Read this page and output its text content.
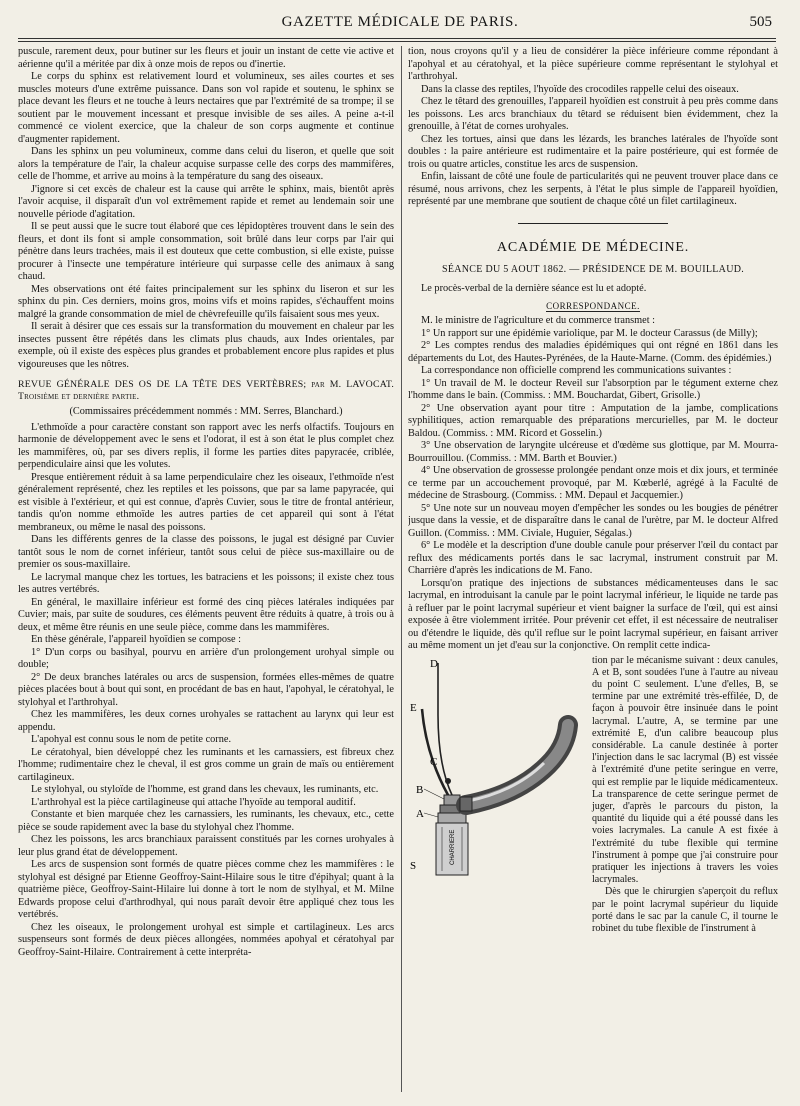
GAZETTE MÉDICALE DE PARIS.	505

puscule, rarement deux, pour butiner sur les fleurs et jouir un instant de cette vie active et aérienne qu'il a méritée par dix à onze mois de repos ou d'inertie.

Le corps du sphinx est relativement lourd et volumineux, ses ailes courtes et ses muscles moteurs d'une extrême puissance. Dans son vol rapide et soutenu, le sphinx se place devant les fleurs et ne touche à leurs nectaires que par l'extrémité de sa trompe; il se soutient par le mouvement incessant et presque invisible de ses ailes. A peine a-t-il commencé ce violent exercice, que la chaleur de son corps augmente et continue d'augmenter rapidement.

Dans les sphinx un peu volumineux, comme dans celui du liseron, et quelle que soit alors la température de l'air, la chaleur acquise surpasse celle des corps des mammifères, celle de l'homme, et arrive au moins à la température du sang des oiseaux.

J'ignore si cet excès de chaleur est la cause qui arrête le sphinx, mais, bientôt après l'avoir acquise, il disparaît d'un vol extrêmement rapide et remet au lendemain soir une nouvelle période d'agitation.

Il se peut aussi que le sucre tout élaboré que ces lépidoptères trouvent dans le sein des fleurs, et dont ils font si ample consommation, soit brûlé dans leur corps par l'air qui pénètre dans leurs trachées, mais il est douteux que cette combustion, si elle existe, puisse procurer à l'insecte une température intérieure qui surpasse celle des animaux à sang chaud.

Mes observations ont été faites principalement sur les sphinx du liseron et sur les sphinx du pin. Ces derniers, moins gros, moins vifs et moins rapides, s'échauffent moins malgré la grande consommation de miel de chèvrefeuille qu'ils faisaient sous mes yeux.

Il serait à désirer que ces essais sur la transformation du mouvement en chaleur par les insectes pussent être répétés dans les climats plus chauds, aux Indes orientales, par exemple, où il existe des espèces plus grandes et probablement encore plus rapides et plus vigoureuses que les nôtres.

REVUE GÉNÉRALE DES OS DE LA TÊTE DES VERTÈBRES; par M. LAVOCAT. Troisième et dernière partie.

(Commissaires précédemment nommés : MM. Serres, Blanchard.)

L'ethmoïde a pour caractère constant son rapport avec les nerfs olfactifs. Toujours en harmonie de développement avec le sens et l'odorat, il est à son état le plus complet chez les mammifères, où, par ses divers replis, il forme les parties dites papyracée, criblée, perpendiculaire ainsi que les volutes.

Presque entièrement réduit à sa lame perpendiculaire chez les oiseaux, l'ethmoïde n'est généralement représenté, chez les reptiles et les poissons, que par sa lame papyracée, qui est visible à l'extérieur, et qui est connue, d'après Cuvier, sous le titre de frontal antérieur, tandis qu'on nomme ethmoïde les autres parties de cet appareil qui sont à l'état membraneux, ou même le nasal des poissons.

Dans les différents genres de la classe des poissons, le jugal est désigné par Cuvier tantôt sous le nom de cornet inférieur, tantôt sous celui de pièce sus-maxillaire ou de premier os sous-maxillaire.

Le lacrymal manque chez les tortues, les batraciens et les poissons; il existe chez tous les autres vertébrés.

En général, le maxillaire inférieur est formé des cinq pièces latérales indiquées par Cuvier; mais, par suite de soudures, ces éléments peuvent être réduits à quatre, à trois ou à deux, et même être réunis en une seule pièce, comme dans les mammifères.

En thèse générale, l'appareil hyoïdien se compose :

1° D'un corps ou basihyal, pourvu en arrière d'un prolongement urohyal simple ou double;

2° De deux branches latérales ou arcs de suspension, formées elles-mêmes de quatre pièces placées bout à bout qui sont, en procédant de bas en haut, l'apohyal, le cératohyal, le stylohyal et l'arthrohyal.

Chez les mammifères, les deux cornes urohyales se rattachent au larynx qui leur est appendu.

L'apohyal est connu sous le nom de petite corne.

Le cératohyal, bien développé chez les ruminants et les carnassiers, est fibreux chez l'homme; rudimentaire chez le cheval, il est gros comme un grain de maïs ou entièrement cartilagineux.

Le stylohyal, ou styloïde de l'homme, est grand dans les chevaux, les ruminants, etc.

L'arthrohyal est la pièce cartilagineuse qui attache l'hyoïde au temporal auditif.

Constante et bien marquée chez les carnassiers, les ruminants, les chevaux, etc., cette pièce se soude rapidement avec la base du stylohyal chez l'homme.

Chez les poissons, les arcs branchiaux paraissent constitués par les cornes urohyales à leur plus grand état de développement.

Les arcs de suspension sont formés de quatre pièces comme chez les mammifères : le stylohyal est désigné par Etienne Geoffroy-Saint-Hilaire sous le titre d'épihyal; quant à la quatrième pièce, Geoffroy-Saint-Hilaire lui donne à tort le nom de stylhyal, et M. Milne Edwards propose celui d'arthrodhyal, qui nous paraît devoir être appliqué chez tous les vertébrés.

Chez les oiseaux, le prolongement urohyal est simple et cartilagineux. Les arcs suspenseurs sont formés de deux pièces allongées, nommées apohyal et cératohyal par Geoffroy-Saint-Hilaire. Contrairement à cette interpréta-

tion, nous croyons qu'il y a lieu de considérer la pièce inférieure comme répondant à l'apohyal et au cératohyal, et la pièce supérieure comme représentant le stylohyal et l'arthrohyal.

Dans la classe des reptiles, l'hyoïde des crocodiles rappelle celui des oiseaux.

Chez le têtard des grenouilles, l'appareil hyoïdien est construit à peu près comme dans les poissons. Les arcs branchiaux du têtard se réduisent bien évidemment, chez la grenouille, à l'état de cornes urohyales.

Chez les tortues, ainsi que dans les lézards, les branches latérales de l'hyoïde sont doubles : la paire antérieure est rudimentaire et la paire postérieure, qui est formée de trois ou quatre articles, constitue les arcs de suspension.

Enfin, laissant de côté une foule de particularités qui ne peuvent trouver place dans ce résumé, nous arrivons, chez les serpents, à l'état le plus simple de l'appareil hyoïdien, représenté par une membrane que soutient de chaque côté un filet cartilagineux.

ACADÉMIE DE MÉDECINE.
SÉANCE DU 5 AOUT 1862. — PRÉSIDENCE DE M. BOUILLAUD.

Le procès-verbal de la dernière séance est lu et adopté.

CORRESPONDANCE.

M. le ministre de l'agriculture et du commerce transmet :

1° Un rapport sur une épidémie variolique, par M. le docteur Carassus (de Milly);

2° Les comptes rendus des maladies épidémiques qui ont régné en 1861 dans les départements du Lot, des Hautes-Pyrénées, de la Haute-Marne. (Comm. des épidémies.)

La correspondance non officielle comprend les communications suivantes :

1° Un travail de M. le docteur Reveil sur l'absorption par le tégument externe chez l'homme dans le bain. (Commiss. : MM. Bouchardat, Gibert, Grisolle.)

2° Une observation ayant pour titre : Amputation de la jambe, complications syphilitiques, action remarquable des préparations mercurielles, par M. le docteur Baldou. (Commiss. : MM. Ricord et Gosselin.)

3° Une observation de laryngite ulcéreuse et d'œdème sus glottique, par M. Mourra-Bourrouillou. (Commiss. : MM. Barth et Bouvier.)

4° Une observation de grossesse prolongée pendant onze mois et dix jours, et terminée ce terme par un accouchement provoqué, par M. Kœberlé, agrégé à la Faculté de médecine de Strasbourg. (Commiss. : MM. Depaul et Jacquemier.)

5° Une note sur un nouveau moyen d'empêcher les sondes ou les bougies de pénétrer jusque dans la vessie, et de disparaître dans le canal de l'urètre, par M. le docteur Alfred Guillon. (Commiss. : MM. Civiale, Huguier, Ségalas.)

6° Le modèle et la description d'une double canule pour préserver l'œil du contact par reflux des médicaments portés dans le sac lacrymal, instrument construit par M. Charrière d'après les indications de M. Fano.

Lorsqu'on pratique des injections de substances médicamenteuses dans le sac lacrymal, en introduisant la canule par le point lacrymal inférieur, le liquide ne tarde pas à refluer par le point lacrymal supérieur et vient baigner la surface de l'œil, qui est ainsi exposée à être violemment irritée. Pour prévenir cet effet, il est nécessaire de neutraliser ou d'étendre le liquide, dès qu'il reflue sur le point lacrymal supérieur, en faisant arriver au même moment un jet d'eau sur la conjonctive. On remplit cette indica-

D
E
C
B
A
S
CHARRIERE

tion par le mécanisme suivant : deux canules, A et B, sont soudées l'une à l'autre au niveau du point C seulement. L'une d'elles, B, se termine par une extrémité très-effilée, D, de façon à pouvoir être insinuée dans le point lacrymal. L'autre, A, se termine par une extrémité E, d'un calibre beaucoup plus considérable. La canule destinée à porter l'injection dans le sac lacrymal (B) est vissée à l'extrémité d'une petite seringue en verre, qui est remplie par le liquide médicamenteux. La transparence de cette seringue permet de juger, d'après le parcours du piston, la quantité du liquide qui a été poussé dans les voies lacrymales. La canule A est fixée à l'extrémité du tube flexible qui termine l'instrument à pompe que j'ai construire pour pratiquer les injections à travers les voies lacrymales.

Dès que le chirurgien s'aperçoit du reflux par le point lacrymal supérieur du liquide porté dans le sac par la canule C, il tourne le robinet du tube flexible de l'instrument à
